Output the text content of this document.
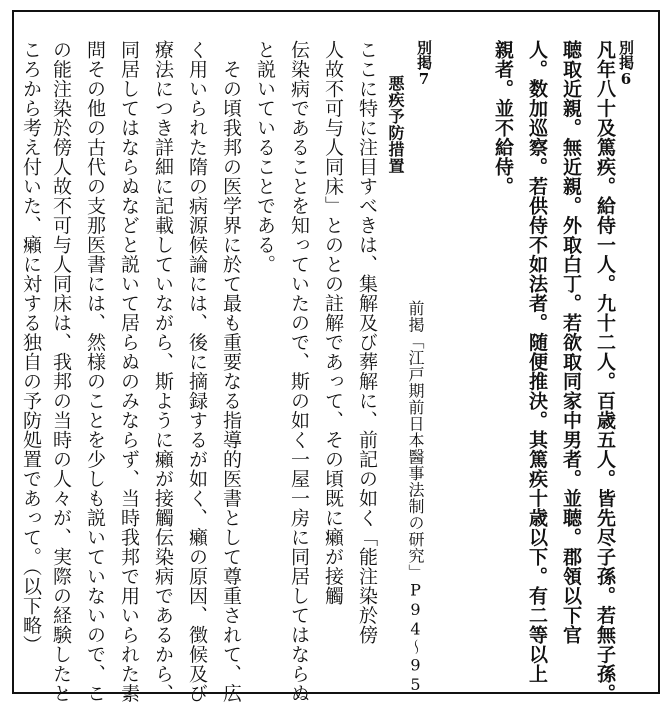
別掲6
凡年八十及篤疾。給侍一人。九十二人。百歳五人。皆先尽子孫。若無子孫。
聴取近親。無近親。外取白丁。若欲取同家中男者。並聴。郡領以下官
人。数加巡察。若供侍不如法者。随便推決。其篤疾十歳以下。有二等以上
親者。並不給侍。
別掲7
悪疾予防措置
前掲「江戸期前日本醫事法制の研究」P94〜95
ここに特に注目すべきは、集解及び葬解に、前記の如く「能注染於傍
人故不可与人同床」とのとの註解であって、その頃既に癩が接觸
伝染病であることを知っていたので、斯の如く一屋一房に同居してはならぬ
と説いていることである。
　その頃我邦の医学界に於て最も重要なる指導的医書として尊重されて、広
く用いられた隋の病源候論には、後に摘録するが如く、癩の原因、徴候及び
療法につき詳細に記載していながら、斯ように癩が接觸伝染病であるから、
同居してはならぬなどと説いて居らぬのみならず、当時我邦で用いられた素
問その他の古代の支那医書には、然様のことを少しも説いていないので、こ
の能注染於傍人故不可与人同床は、我邦の当時の人々が、実際の経験したと
ころから考え付いた、癩に対する独自の予防処置であって。（以下略）
